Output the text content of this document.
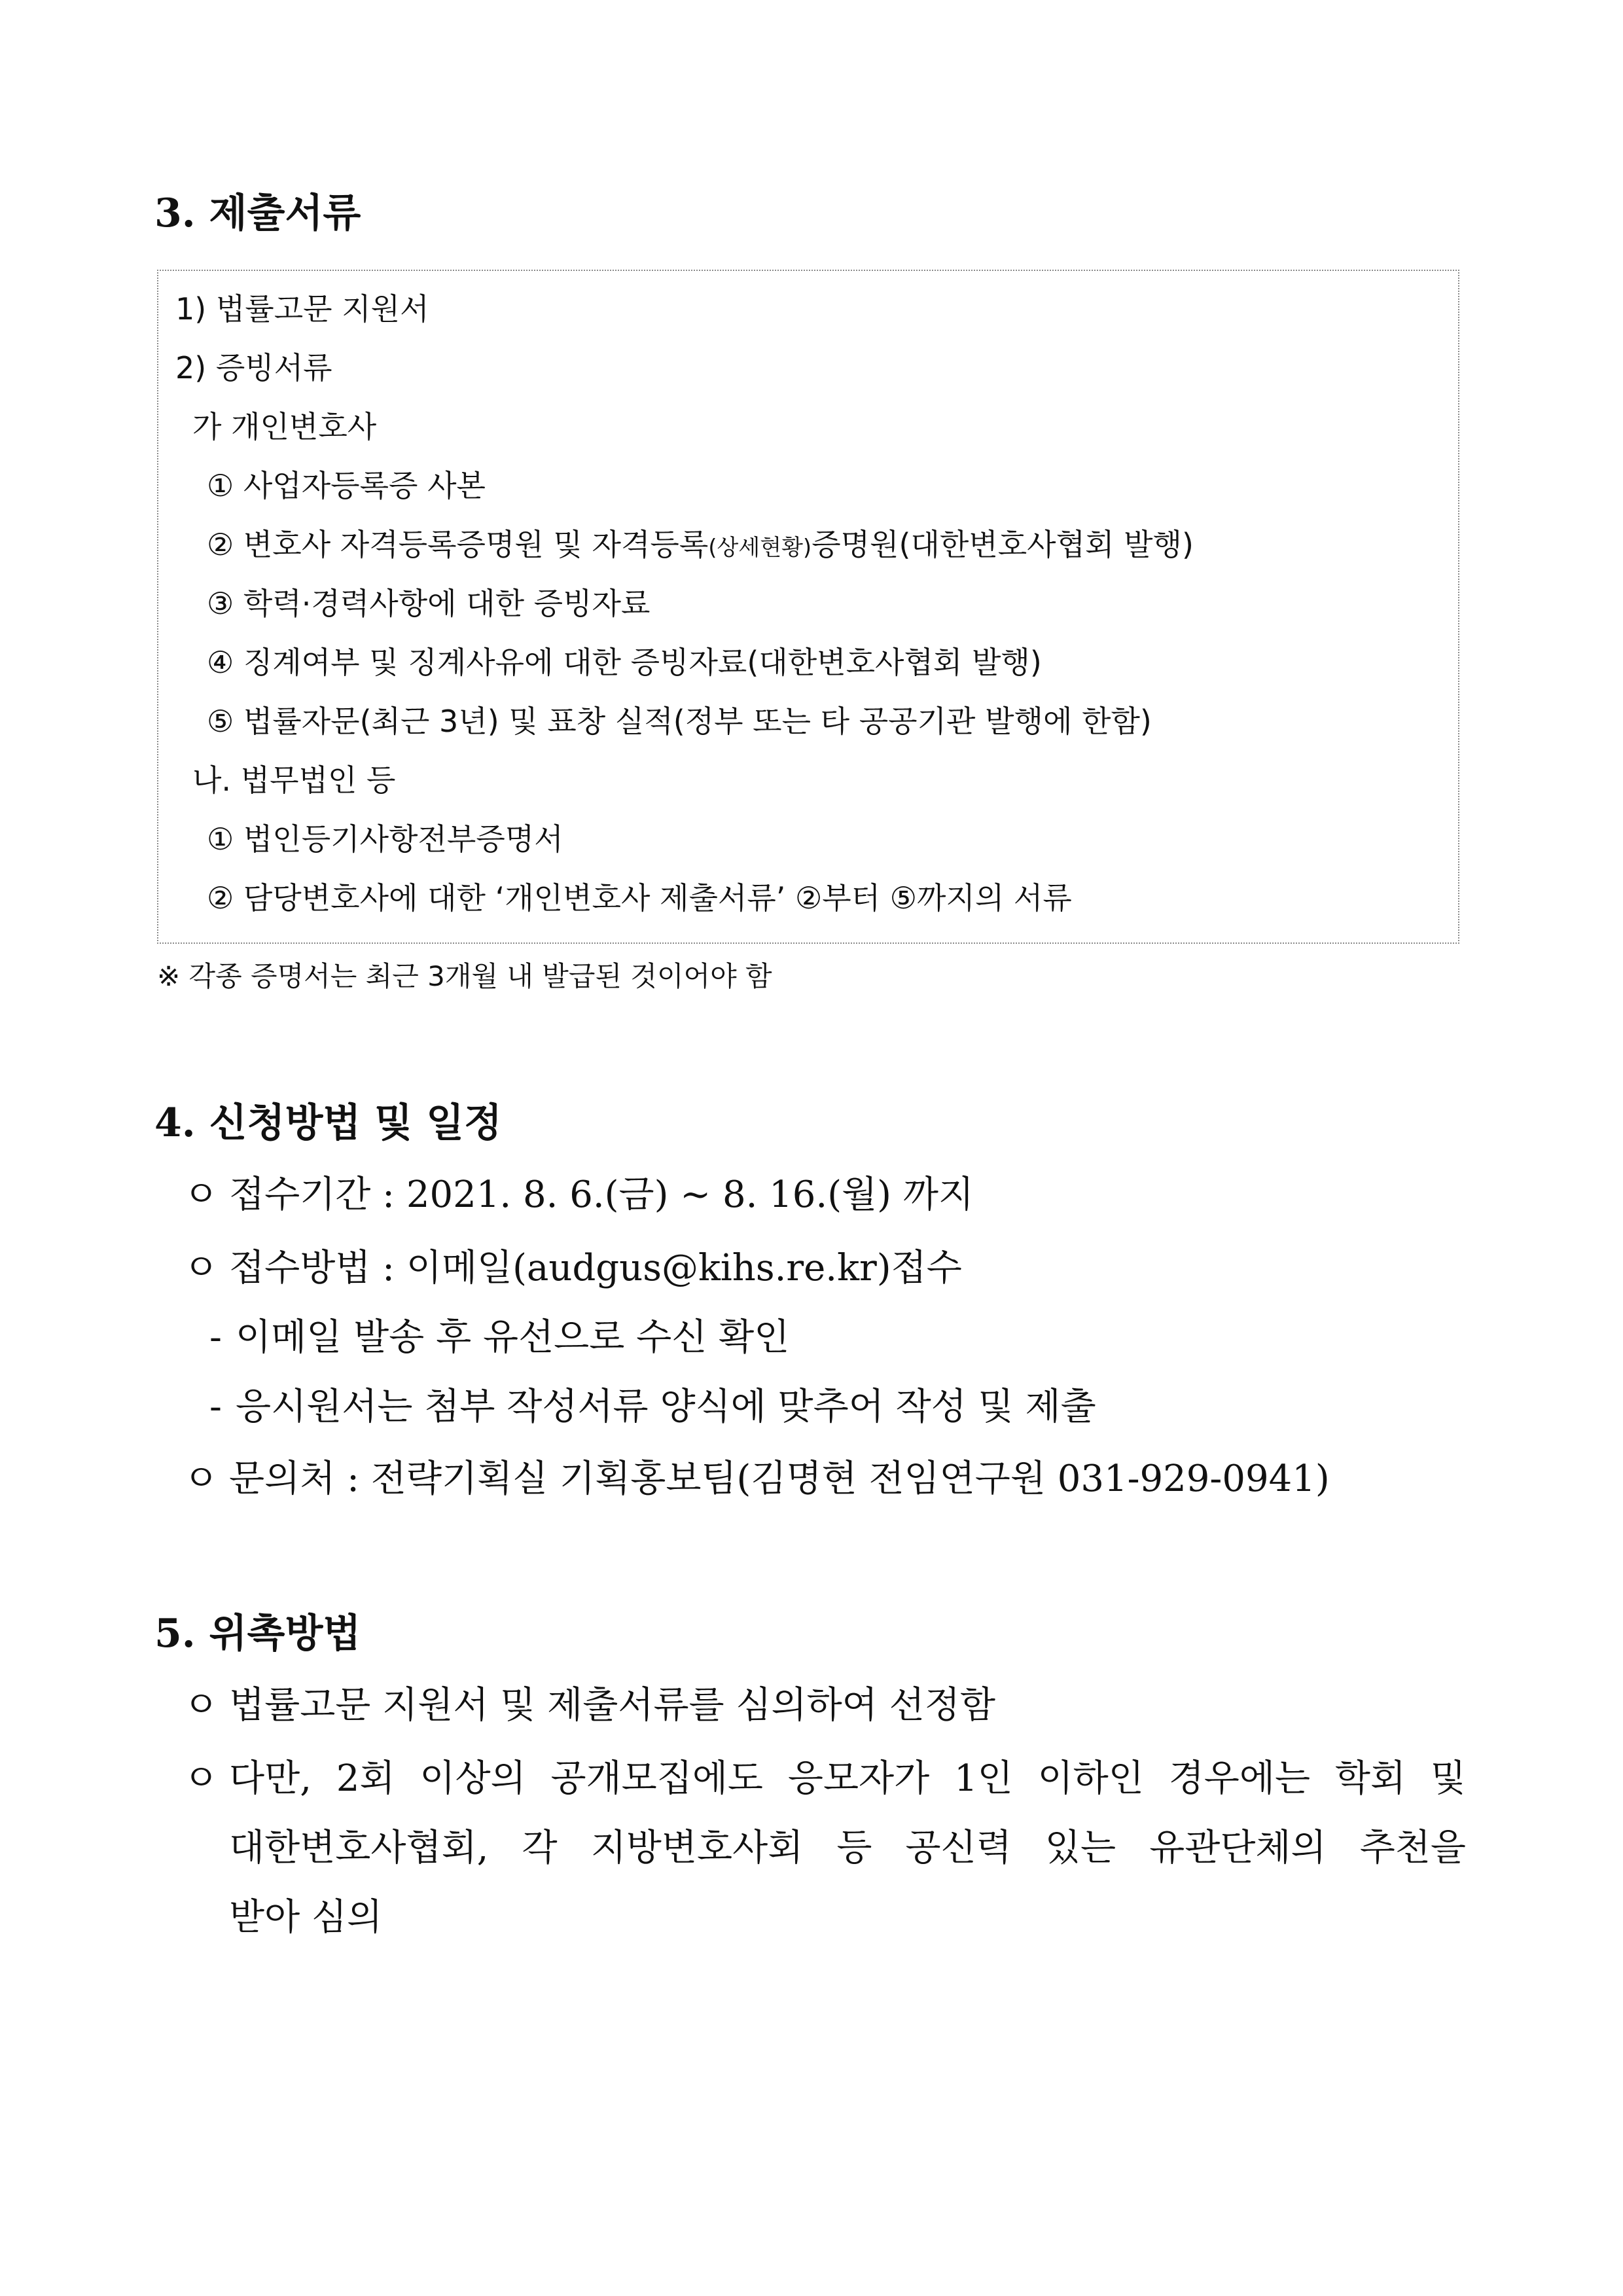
3. 제출서류
1) 법률고문 지원서
2) 증빙서류
가 개인변호사
① 사업자등록증 사본
② 변호사 자격등록증명원 및 자격등록(상세현황)증명원(대한변호사협회 발행)
③ 학력·경력사항에 대한 증빙자료
④ 징계여부 및 징계사유에 대한 증빙자료(대한변호사협회 발행)
⑤ 법률자문(최근 3년) 및 표창 실적(정부 또는 타 공공기관 발행에 한함)
나. 법무법인 등
① 법인등기사항전부증명서
② 담당변호사에 대한 ‘개인변호사 제출서류’ ②부터 ⑤까지의 서류
※ 각종 증명서는 최근 3개월 내 발급된 것이어야 함
4. 신청방법 및 일정
ㅇ 접수기간 : 2021. 8. 6.(금) ~ 8. 16.(월) 까지
ㅇ 접수방법 : 이메일(audgus@kihs.re.kr)접수
- 이메일 발송 후 유선으로 수신 확인
- 응시원서는 첨부 작성서류 양식에 맞추어 작성 및 제출
ㅇ 문의처 : 전략기획실 기획홍보팀(김명현 전임연구원 031-929-0941)
5. 위촉방법
ㅇ 법률고문 지원서 및 제출서류를 심의하여 선정함
ㅇ 다만, 2회 이상의 공개모집에도 응모자가 1인 이하인 경우에는 학회 및
대한변호사협회, 각 지방변호사회 등 공신력 있는 유관단체의 추천을
받아 심의
